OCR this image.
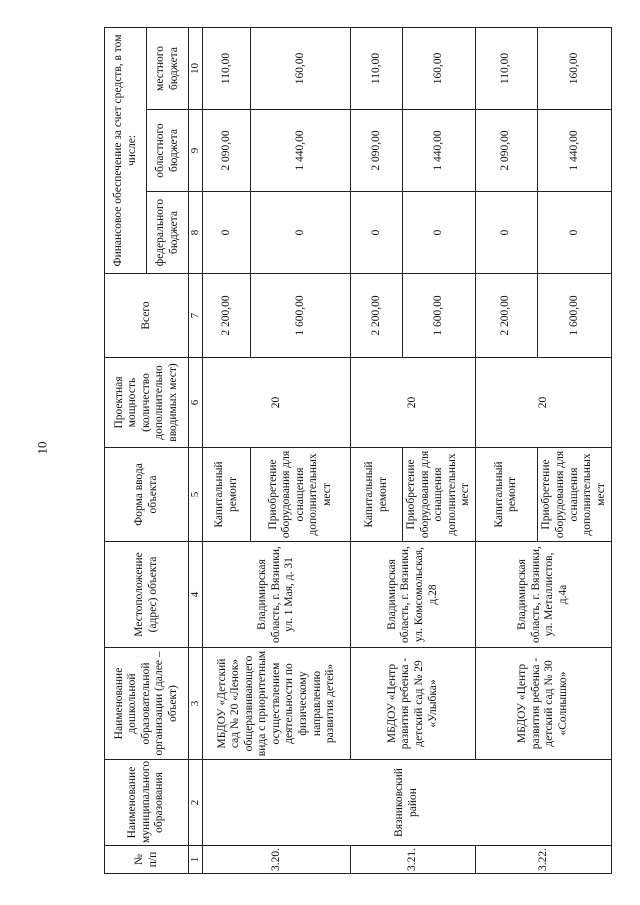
10
№ п/п	Наименование муниципального образования	Наименование дошкольной образовательной организации (далее – объект)	Местоположение (адрес) объекта	Форма ввода объекта	Проектная мощность (количество дополнительно вводимых мест)	Всего	Финансовое обеспечение за счет средств, в том числе:		
							федерального бюджета	областного бюджета	местного бюджета
1	2	3	4	5	6	7	8	9	10
3.20.	Вязниковский район	МБДОУ «Детский сад № 20 «Ленок» общеразвивающего вида с приоритетным осуществлением деятельности по физическому направлению развития детей»	Владимирская область, г. Вязники, ул. 1 Мая, д. 31	Капитальный ремонт	20	2 200,00	0	2 090,00	110,00
				Приобретение оборудования для оснащения дополнительных мест		1 600,00	0	1 440,00	160,00
3.21.		МБДОУ «Центр развития ребенка - детский сад № 29 «Улыбка»	Владимирская область, г. Вязники, ул. Комсомольская, д.28	Капитальный ремонт	20	2 200,00	0	2 090,00	110,00
				Приобретение оборудования для оснащения дополнительных мест		1 600,00	0	1 440,00	160,00
3.22.		МБДОУ «Центр развития ребенка - детский сад № 30 «Солнышко»	Владимирская область, г. Вязники, ул. Металлистов, д.4а	Капитальный ремонт	20	2 200,00	0	2 090,00	110,00
				Приобретение оборудования для оснащения дополнительных мест		1 600,00	0	1 440,00	160,00
